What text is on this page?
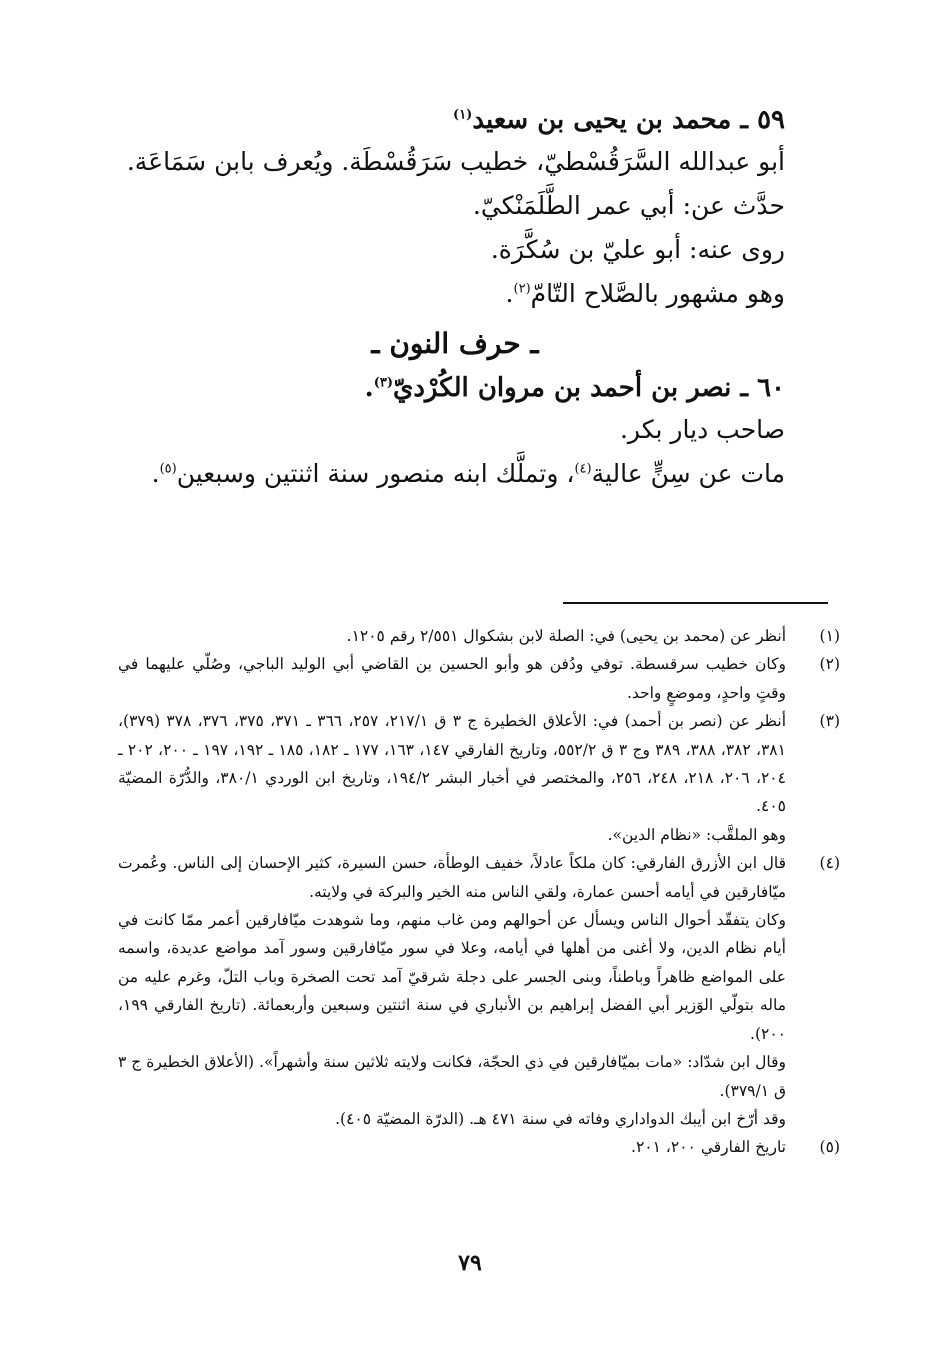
٥٩ ـ محمد بن يحيى بن سعيد$^{(١)}$

أبو عبدالله السَّرَقُسْطيّ، خطيب سَرَقُسْطَة. ويُعرف بابن سَمَاعَة.

حدَّث عن: أبي عمر الطَّلَمَنْكيّ.

روى عنه: أبو عليّ بن سُكَّرَة.

وهو مشهور بالصَّلاح التّامّ$^{(٢)}$.

ـ حرف النون ـ

٦٠ ـ نصر بن أحمد بن مروان الكُرْديّ$^{(٣)}$.

صاحب ديار بكر.

مات عن سِنٍّ عالية$^{(٤)}$، وتملَّك ابنه منصور سنة اثنتين وسبعين$^{(٥)}$.

(١)
أنظر عن (محمد بن يحيى) في: الصلة لابن بشكوال ٢/٥٥١ رقم ١٢٠٥.
(٢)
وكان خطيب سرقسطة. توفي ودُفن هو وأبو الحسين بن القاضي أبي الوليد الباجي، وصُلّي عليهما في وقتٍ واحدٍ، وموضعٍ واحد.
(٣)

أنظر عن (نصر بن أحمد) في: الأعلاق الخطيرة ج ٣ ق ٢١٧/١، ٢٥٧، ٣٦٦ ـ ٣٧١، ٣٧٥، ٣٧٦، ٣٧٨ (٣٧٩)، ٣٨١، ٣٨٢، ٣٨٨، ٣٨٩ وج ٣ ق ٥٥٢/٢، وتاريخ الفارقي ١٤٧، ١٦٣، ١٧٧ ـ ١٨٢، ١٨٥ ـ ١٩٢، ١٩٧ ـ ٢٠٠، ٢٠٢ ـ ٢٠٤، ٢٠٦، ٢١٨، ٢٤٨، ٢٥٦، والمختصر في أخبار البشر ١٩٤/٢، وتاريخ ابن الوردي ٣٨٠/١، والدُّرّة المضيّة ٤٠٥.

وهو الملقَّب: «نظام الدين».

(٤)

قال ابن الأزرق الفارقي: كان ملكاً عادلاً، خفيف الوطأة، حسن السيرة، كثير الإحسان إلى الناس. وعُمرت ميّافارقين في أيامه أحسن عمارة، ولقي الناس منه الخير والبركة في ولايته.

وكان يتفقّد أحوال الناس ويسأل عن أحوالهم ومن غاب منهم، وما شوهدت ميّافارقين أعمر ممّا كانت في أيام نظام الدين، ولا أغنى من أهلها في أيامه، وعلا في سور ميّافارقين وسور آمد مواضع عديدة، واسمه على المواضع ظاهراً وباطناً، وبنى الجسر على دجلة شرقيّ آمد تحت الصخرة وباب التلّ، وغرم عليه من ماله بتولّي الوَزير أبي الفضل إبراهيم بن الأنباري في سنة اثنتين وسبعين وأربعمائة. (تاريخ الفارقي ١٩٩، ٢٠٠).

وقال ابن شدّاد: «مات بميّافارقين في ذي الحجّة، فكانت ولايته ثلاثين سنة وأشهراً». (الأعلاق الخطيرة ج ٣ ق ٣٧٩/١).

وقد أرّخ ابن أيبك الدواداري وفاته في سنة ٤٧١ هـ. (الدرّة المضيّة ٤٠٥).

(٥)
تاريخ الفارقي ٢٠٠، ٢٠١.
٧٩
